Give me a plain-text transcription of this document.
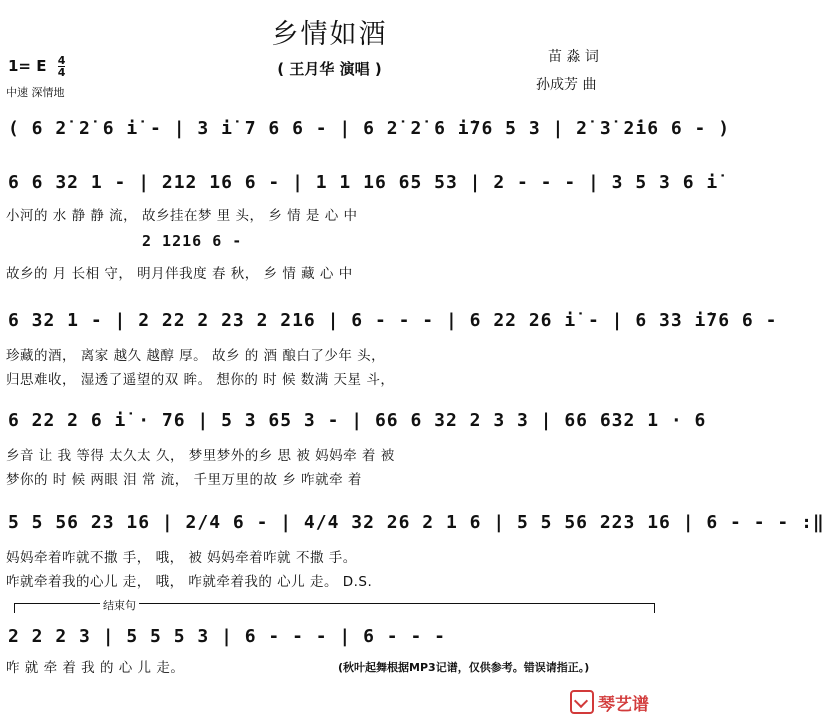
乡情如酒
( 王月华 演唱 )
1= E $\frac{4}{4}$
中速 深情地
苗 淼 词
孙成芳 曲
( 6 2̇ 2̇ 6 i̇ - | 3 i̇ 7 6 6 - | 6 2̇ 2̇ 6 i̇76 5 3 | 2̇ 3̇ 2̇i6 6 - )
6 6 32 1 - | 212 16 6 - | 1 1 16 65 53 | 2 - - - | 3 5 3 6 i̇
小河的 水 静 静 流， 故乡挂在梦 里 头， 乡 情 是 心 中
2 1216 6 -
故乡的 月 长相 守， 明月伴我度 春 秋， 乡 情 藏 心 中
6 32 1 - | 2 22 2 23 2 216 | 6 - - - | 6 22 26 i̇ - | 6 33 i̇76 6 -
珍藏的酒， 离家 越久 越醇 厚。 故乡 的 酒 酿白了少年 头，
归思难收， 湿透了遥望的双 眸。 想你的 时 候 数满 天星 斗，
6 22 2 6 i̇ · 76 | 5 3 65 3 - | 66 6 32 2 3 3 | 66 632 1 · 6
乡音 让 我 等得 太久太 久， 梦里梦外的乡 思 被 妈妈牵 着 被
梦你的 时 候 两眼 泪 常 流， 千里万里的故 乡 咋就牵 着
5 5 56 23 16 | 2/4 6 - | 4/4 32 26 2 1 6 | 5 5 56 223 16 | 6 - - - :‖
妈妈牵着咋就不撒 手， 哦， 被 妈妈牵着咋就 不撒 手。
咋就牵着我的心儿 走， 哦， 咋就牵着我的 心儿 走。 D.S.
结束句
2 2 2 3 | 5 5 5 3 | 6 - - - | 6 - - -
咋 就 牵 着 我 的 心 儿 走。	(秋叶起舞根据MP3记谱，仅供参考。错误请指正。)
琴艺谱
